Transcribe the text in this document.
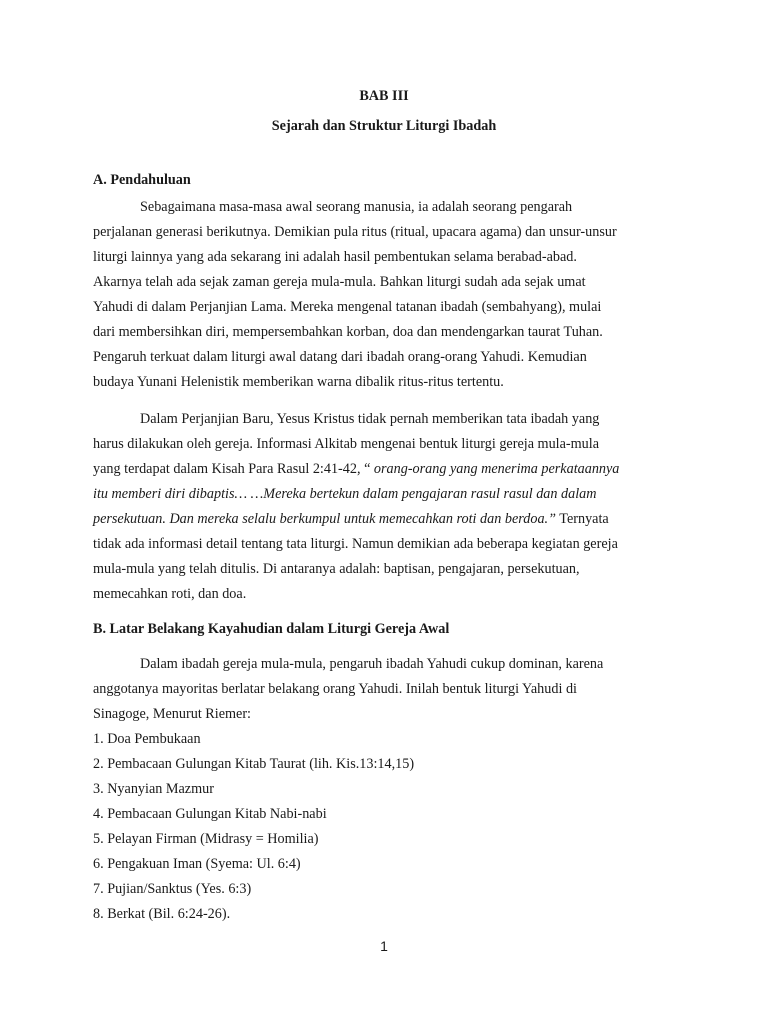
BAB III
Sejarah dan Struktur Liturgi Ibadah
A. Pendahuluan
Sebagaimana masa-masa awal seorang manusia, ia adalah seorang pengarah
perjalanan generasi berikutnya. Demikian pula ritus (ritual, upacara agama) dan unsur-unsur
liturgi lainnya yang ada sekarang ini adalah hasil pembentukan selama berabad-abad.
Akarnya telah ada sejak zaman gereja mula-mula. Bahkan liturgi sudah ada sejak umat
Yahudi di dalam Perjanjian Lama. Mereka mengenal tatanan ibadah (sembahyang), mulai
dari membersihkan diri, mempersembahkan korban, doa dan mendengarkan taurat Tuhan.
Pengaruh terkuat dalam liturgi awal datang dari ibadah orang-orang Yahudi. Kemudian
budaya Yunani Helenistik memberikan warna dibalik ritus-ritus tertentu.
Dalam Perjanjian Baru, Yesus Kristus tidak pernah memberikan tata ibadah yang
harus dilakukan oleh gereja. Informasi Alkitab mengenai bentuk liturgi gereja mula-mula
yang terdapat dalam Kisah Para Rasul 2:41-42, “ orang-orang yang menerima perkataannya
itu memberi diri dibaptis… …Mereka bertekun dalam pengajaran rasul rasul dan dalam
persekutuan. Dan mereka selalu berkumpul untuk memecahkan roti dan berdoa.” Ternyata
tidak ada informasi detail tentang tata liturgi. Namun demikian ada beberapa kegiatan gereja
mula-mula yang telah ditulis. Di antaranya adalah: baptisan, pengajaran, persekutuan,
memecahkan roti, dan doa.
B. Latar Belakang Kayahudian dalam Liturgi Gereja Awal
Dalam ibadah gereja mula-mula, pengaruh ibadah Yahudi cukup dominan, karena
anggotanya mayoritas berlatar belakang orang Yahudi. Inilah bentuk liturgi Yahudi di
Sinagoge, Menurut Riemer:
1. Doa Pembukaan
2. Pembacaan Gulungan Kitab Taurat (lih. Kis.13:14,15)
3. Nyanyian Mazmur
4. Pembacaan Gulungan Kitab Nabi-nabi
5. Pelayan Firman (Midrasy = Homilia)
6. Pengakuan Iman (Syema: Ul. 6:4)
7. Pujian/Sanktus (Yes. 6:3)
8. Berkat (Bil. 6:24-26).
1
